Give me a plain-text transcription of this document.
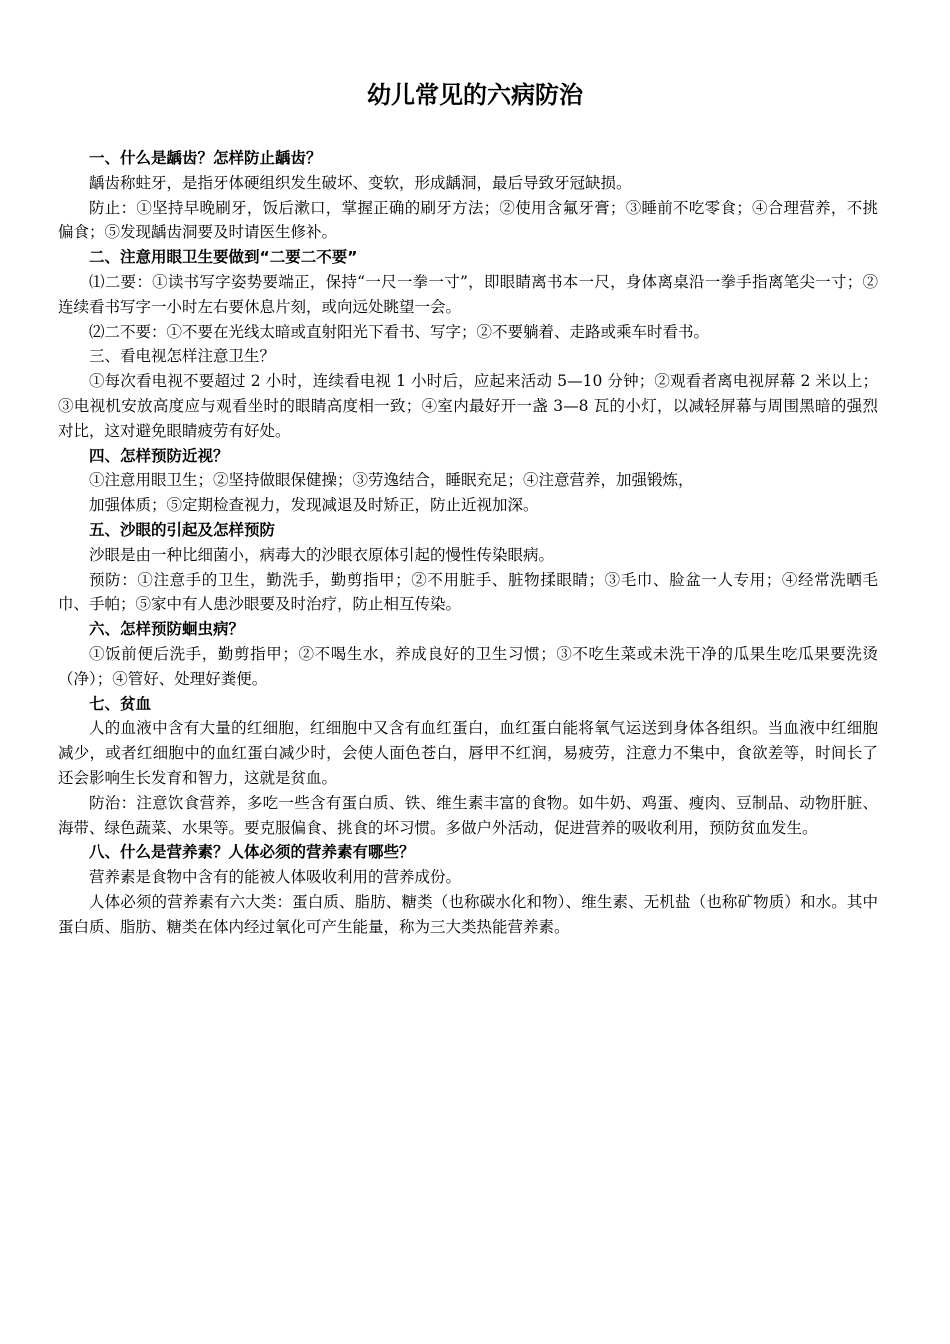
幼儿常见的六病防治

一、什么是龋齿？怎样防止龋齿？

龋齿称蛀牙，是指牙体硬组织发生破坏、变软，形成龋洞，最后导致牙冠缺损。

防止：①坚持早晚刷牙，饭后漱口，掌握正确的刷牙方法；②使用含氟牙膏；③睡前不吃零食；④合理营养，不挑偏食；⑤发现龋齿洞要及时请医生修补。

二、注意用眼卫生要做到“二要二不要”

⑴二要：①读书写字姿势要端正，保持“一尺一拳一寸”，即眼睛离书本一尺，身体离桌沿一拳手指离笔尖一寸；②连续看书写字一小时左右要休息片刻，或向远处眺望一会。

⑵二不要：①不要在光线太暗或直射阳光下看书、写字；②不要躺着、走路或乘车时看书。

三、看电视怎样注意卫生？

①每次看电视不要超过 2 小时，连续看电视 1 小时后，应起来活动 5—10 分钟；②观看者离电视屏幕 2 米以上；③电视机安放高度应与观看坐时的眼睛高度相一致；④室内最好开一盏 3—8 瓦的小灯，以减轻屏幕与周围黑暗的强烈对比，这对避免眼睛疲劳有好处。

四、怎样预防近视？

①注意用眼卫生；②坚持做眼保健操；③劳逸结合，睡眠充足；④注意营养，加强锻炼，

加强体质；⑤定期检查视力，发现减退及时矫正，防止近视加深。

五、沙眼的引起及怎样预防

沙眼是由一种比细菌小，病毒大的沙眼衣原体引起的慢性传染眼病。

预防：①注意手的卫生，勤洗手，勤剪指甲；②不用脏手、脏物揉眼睛；③毛巾、脸盆一人专用；④经常洗晒毛巾、手帕；⑤家中有人患沙眼要及时治疗，防止相互传染。

六、怎样预防蛔虫病？

①饭前便后洗手，勤剪指甲；②不喝生水，养成良好的卫生习惯；③不吃生菜或未洗干净的瓜果生吃瓜果要洗烫（净）；④管好、处理好粪便。

七、贫血

人的血液中含有大量的红细胞，红细胞中又含有血红蛋白，血红蛋白能将氧气运送到身体各组织。当血液中红细胞减少，或者红细胞中的血红蛋白减少时，会使人面色苍白，唇甲不红润，易疲劳，注意力不集中，食欲差等，时间长了还会影响生长发育和智力，这就是贫血。

防治：注意饮食营养，多吃一些含有蛋白质、铁、维生素丰富的食物。如牛奶、鸡蛋、瘦肉、豆制品、动物肝脏、海带、绿色蔬菜、水果等。要克服偏食、挑食的坏习惯。多做户外活动，促进营养的吸收利用，预防贫血发生。

八、什么是营养素？人体必须的营养素有哪些？

营养素是食物中含有的能被人体吸收利用的营养成份。

人体必须的营养素有六大类：蛋白质、脂肪、糖类（也称碳水化和物）、维生素、无机盐（也称矿物质）和水。其中蛋白质、脂肪、糖类在体内经过氧化可产生能量，称为三大类热能营养素。
